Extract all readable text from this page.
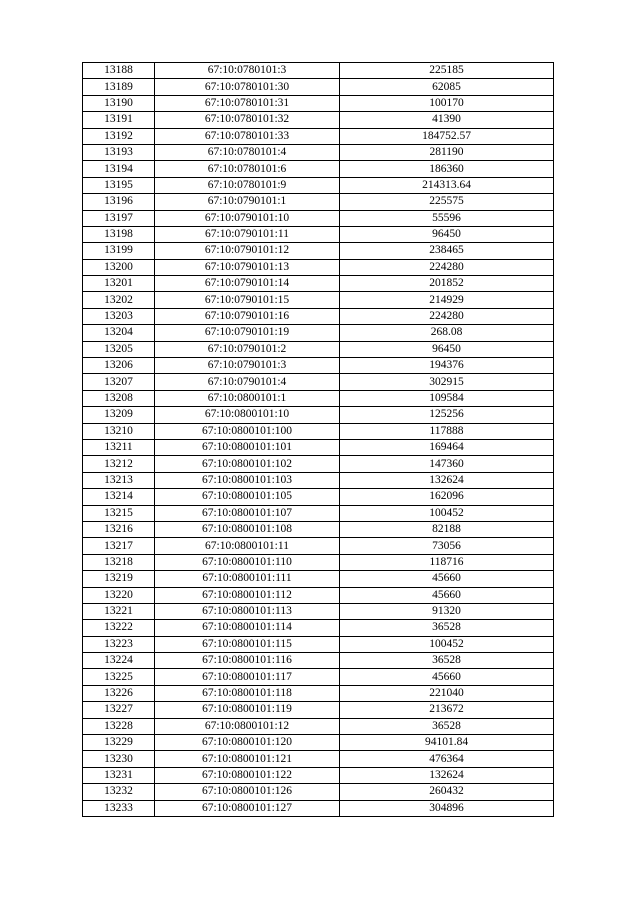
13188	67:10:0780101:3	225185
13189	67:10:0780101:30	62085
13190	67:10:0780101:31	100170
13191	67:10:0780101:32	41390
13192	67:10:0780101:33	184752.57
13193	67:10:0780101:4	281190
13194	67:10:0780101:6	186360
13195	67:10:0780101:9	214313.64
13196	67:10:0790101:1	225575
13197	67:10:0790101:10	55596
13198	67:10:0790101:11	96450
13199	67:10:0790101:12	238465
13200	67:10:0790101:13	224280
13201	67:10:0790101:14	201852
13202	67:10:0790101:15	214929
13203	67:10:0790101:16	224280
13204	67:10:0790101:19	268.08
13205	67:10:0790101:2	96450
13206	67:10:0790101:3	194376
13207	67:10:0790101:4	302915
13208	67:10:0800101:1	109584
13209	67:10:0800101:10	125256
13210	67:10:0800101:100	117888
13211	67:10:0800101:101	169464
13212	67:10:0800101:102	147360
13213	67:10:0800101:103	132624
13214	67:10:0800101:105	162096
13215	67:10:0800101:107	100452
13216	67:10:0800101:108	82188
13217	67:10:0800101:11	73056
13218	67:10:0800101:110	118716
13219	67:10:0800101:111	45660
13220	67:10:0800101:112	45660
13221	67:10:0800101:113	91320
13222	67:10:0800101:114	36528
13223	67:10:0800101:115	100452
13224	67:10:0800101:116	36528
13225	67:10:0800101:117	45660
13226	67:10:0800101:118	221040
13227	67:10:0800101:119	213672
13228	67:10:0800101:12	36528
13229	67:10:0800101:120	94101.84
13230	67:10:0800101:121	476364
13231	67:10:0800101:122	132624
13232	67:10:0800101:126	260432
13233	67:10:0800101:127	304896
